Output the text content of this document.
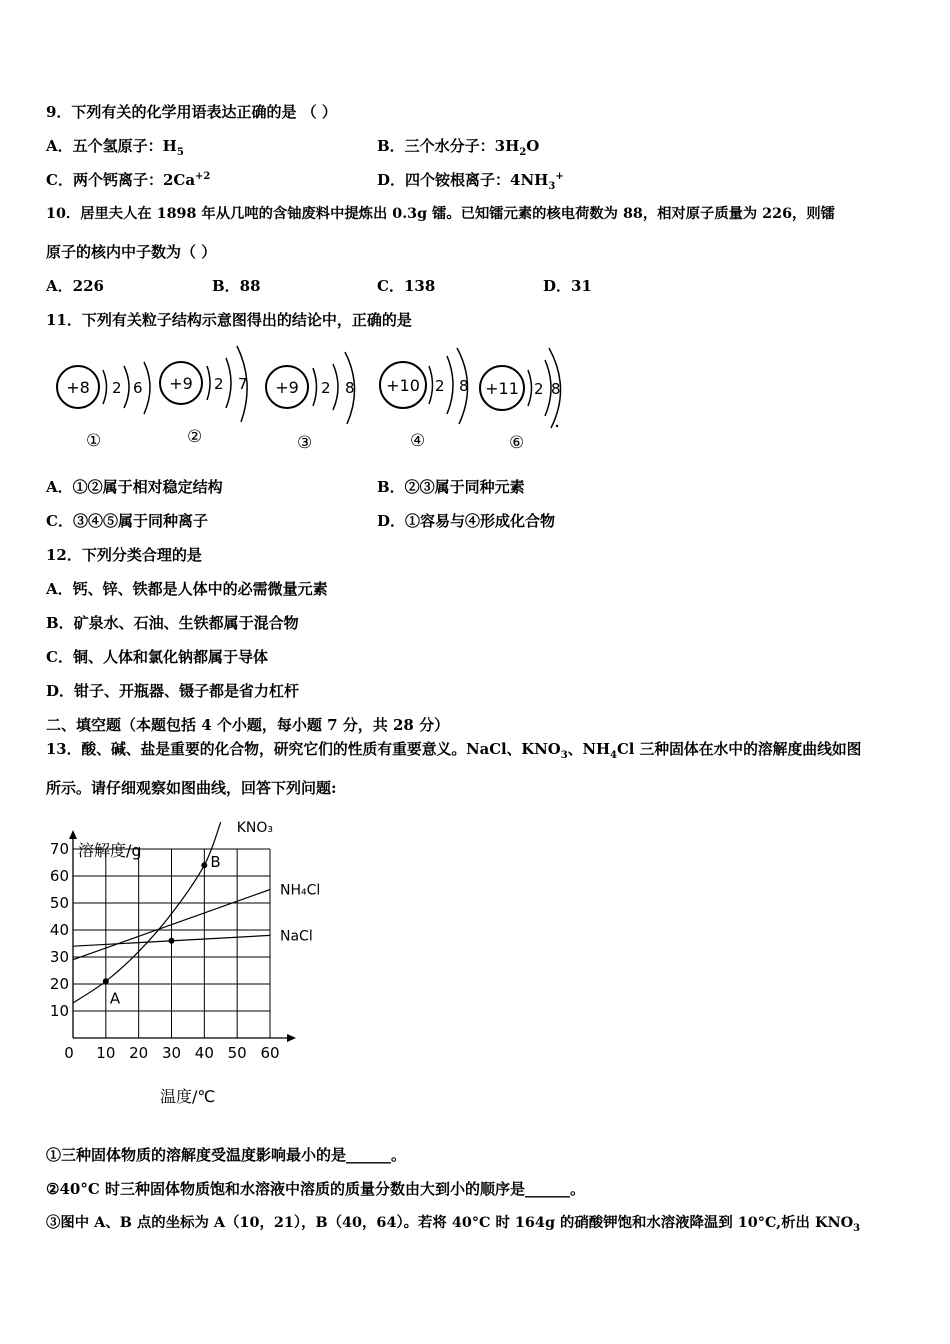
9．下列有关的化学用语表达正确的是 （ ）
A．五个氢原子：$H_5$	B．三个水分子：$3H_2O$
C．两个钙离子：$2Ca^{+2}$	D．四个铵根离子：$4NH_3^+$
10．居里夫人在 1898 年从几吨的含铀废料中提炼出 0.3g 镭。已知镭元素的核电荷数为 88，相对原子质量为 226，则镭
原子的核内中子数为（ ）
A．226	B．88	C．138	D．31
11．下列有关粒子结构示意图得出的结论中，正确的是
+8 2 6
①
+9 2 7
②
+9 2 8
③
+10 2 8
④
+11 2 8
⑥
A．①②属于相对稳定结构	B．②③属于同种元素
C．③④⑤属于同种离子	D．①容易与④形成化合物
12．下列分类合理的是
A．钙、锌、铁都是人体中的必需微量元素
B．矿泉水、石油、生铁都属于混合物
C．铜、人体和氯化钠都属于导体
D．钳子、开瓶器、镊子都是省力杠杆
二、填空题（本题包括 4 个小题，每小题 7 分，共 28 分）
13．酸、碱、盐是重要的化合物，研究它们的性质有重要意义。NaCl、$KNO_3$、$NH_4Cl$ 三种固体在水中的溶解度曲线如图
所示。请仔细观察如图曲线，回答下列问题:
溶解度/g
温度/℃
0 10 20 30 40 50 60
10
20
30
40
50
60
70
KNO₃
NH₄Cl
NaCl
A
B
①三种固体物质的溶解度受温度影响最小的是______。
②40°C 时三种固体物质饱和水溶液中溶质的质量分数由大到小的顺序是______。
③图中 A、B 点的坐标为 A（10，21），B（40，64）。若将 40°C 时 164g 的硝酸钾饱和水溶液降温到 10°C,析出 $KNO_3$
